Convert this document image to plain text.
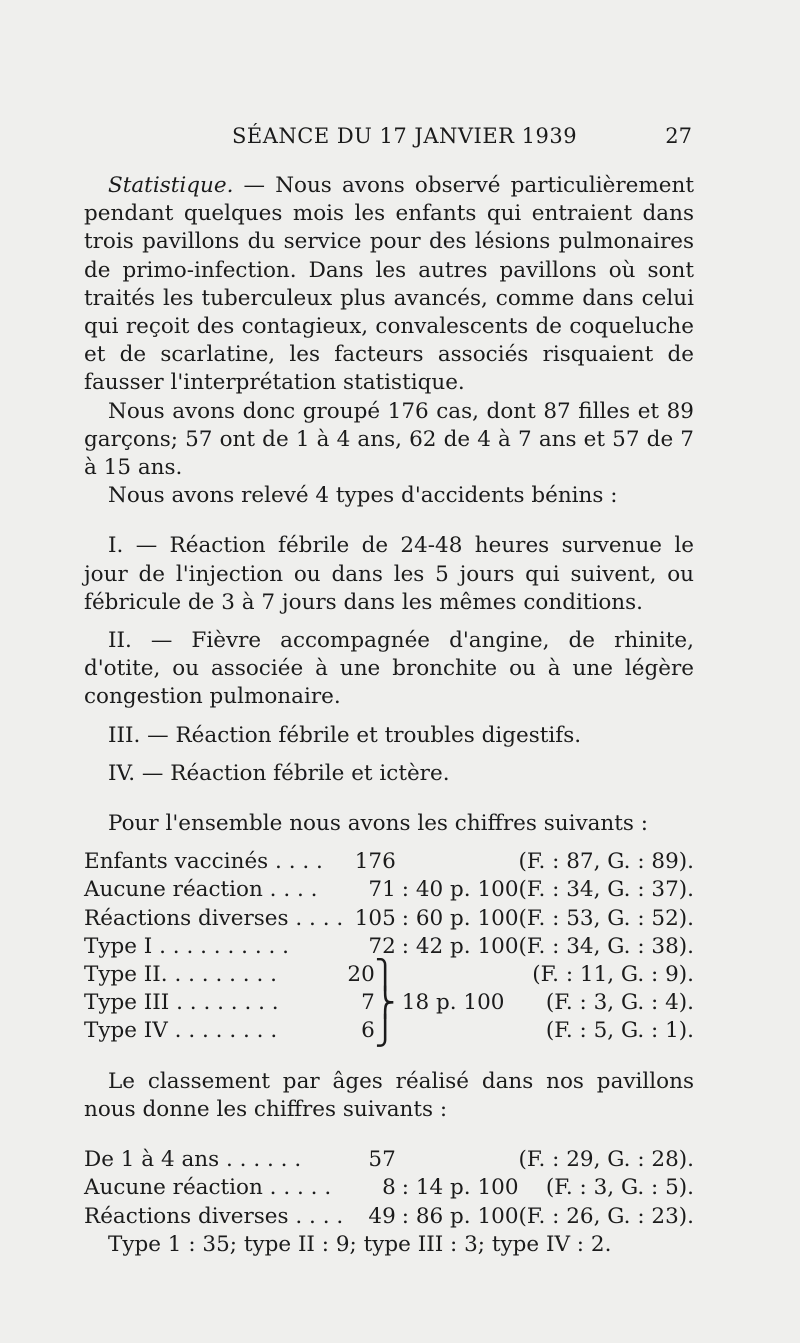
SÉANCE DU 17 JANVIER 1939	27

Statistique. — Nous avons observé particulièrement pendant quelques mois les enfants qui entraient dans trois pavillons du service pour des lésions pulmonaires de primo-infection. Dans les autres pavillons où sont traités les tuberculeux plus avancés, comme dans celui qui reçoit des contagieux, convalescents de coqueluche et de scarlatine, les facteurs associés risquaient de fausser l'interprétation statistique.

Nous avons donc groupé 176 cas, dont 87 filles et 89 garçons; 57 ont de 1 à 4 ans, 62 de 4 à 7 ans et 57 de 7 à 15 ans.

Nous avons relevé 4 types d'accidents bénins :

I. — Réaction fébrile de 24-48 heures survenue le jour de l'injection ou dans les 5 jours qui suivent, ou fébricule de 3 à 7 jours dans les mêmes conditions.

II. — Fièvre accompagnée d'angine, de rhinite, d'otite, ou associée à une bronchite ou à une légère congestion pulmonaire.

III. — Réaction fébrile et troubles digestifs.

IV. — Réaction fébrile et ictère.

Pour l'ensemble nous avons les chiffres suivants :

Enfants vaccinés . . . .	176		(F. : 87, G. : 89).
Aucune réaction . . . .	71	: 40 p. 100	(F. : 34, G. : 37).
Réactions diverses . . . .	105	: 60 p. 100	(F. : 53, G. : 52).
Type I . . . . . . . . . .	72	: 42 p. 100	(F. : 34, G. : 38).
Type II. . . . . . . . .	20⎫		(F. : 11, G. : 9).
Type III . . . . . . . .	7⎬	18 p. 100	(F. : 3, G. : 4).
Type IV . . . . . . . .	6⎭		(F. : 5, G. : 1).

Le classement par âges réalisé dans nos pavillons nous donne les chiffres suivants :

De 1 à 4 ans . . . . . .	57		(F. : 29, G. : 28).
Aucune réaction . . . . .	8	: 14 p. 100	(F. : 3, G. : 5).
Réactions diverses . . . .	49	: 86 p. 100	(F. : 26, G. : 23).

Type 1 : 35; type II : 9; type III : 3; type IV : 2.
